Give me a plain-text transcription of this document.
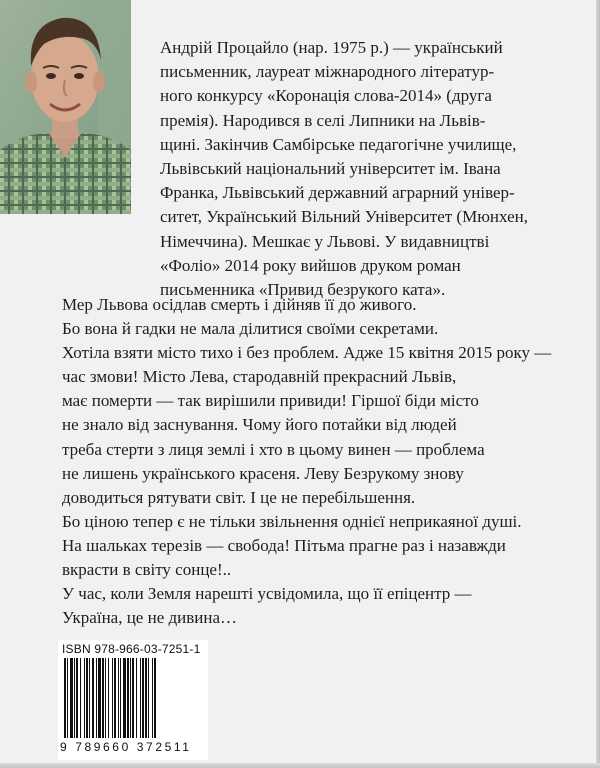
Андрій Процайло (нар. 1975 р.) — український
письменник, лауреат міжнародного літератур-
ного конкурсу «Коронація слова-2014» (друга
премія). Народився в селі Липники на Львів-
щині. Закінчив Самбірське педагогічне училище,
Львівський національний університет ім. Івана
Франка, Львівський державний аграрний універ-
ситет, Український Вільний Університет (Мюнхен,
Німеччина). Мешкає у Львові. У видавництві
«Фоліо» 2014 року вийшов друком роман
письменника «Привид безрукого ката».
Мер Львова осідлав смерть і дійняв її до живого.
Бо вона й гадки не мала ділитися своїми секретами.
Хотіла взяти місто тихо і без проблем. Адже 15 квітня 2015 року —
час змови! Місто Лева, стародавній прекрасний Львів,
має померти — так вирішили привиди! Гіршої біди місто
не знало від заснування. Чому його потайки від людей
треба стерти з лиця землі і хто в цьому винен — проблема
не лишень українського красеня. Леву Безрукому знову
доводиться рятувати світ. І це не перебільшення.
Бо ціною тепер є не тільки звільнення однієї неприкаяної душі.
На шальках терезів — свобода! Пітьма прагне раз і назавжди
вкрасти в світу сонце!..
У час, коли Земля нарешті усвідомила, що її епіцентр —
Україна, це не дивина…
ISBN 978-966-03-7251-1
9 789660 372511
